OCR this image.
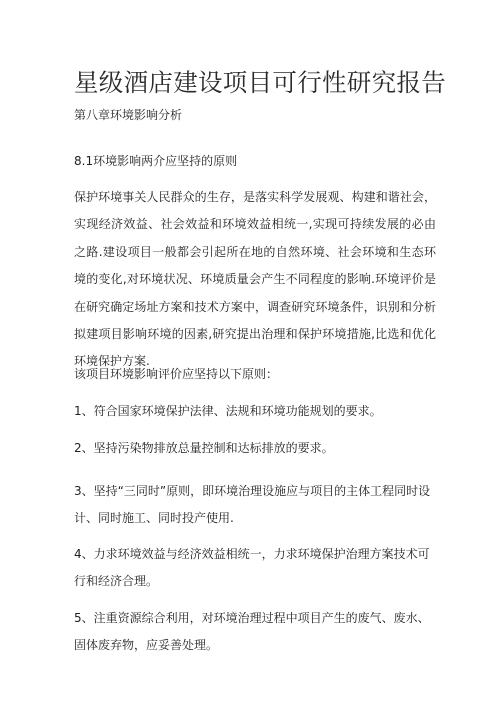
星级酒店建设项目可行性研究报告
第八章环境影响分析
8.1环境影响两介应坚持的原则
保护环境事关人民群众的生存，是落实科学发展观、构建和谐社会，实现经济效益、社会效益和环境效益相统一,实现可持续发展的必由之路.建设项目一般都会引起所在地的自然环境、社会环境和生态环境的变化,对环境状况、环境质量会产生不同程度的影响.环境评价是在研究确定场址方案和技术方案中，调查研究环境条件，识别和分析拟建项目影响环境的因素,研究提出治理和保护环境措施,比选和优化环境保护方案.
该项目环境影响评价应坚持以下原则：
1、符合国家环境保护法律、法规和环境功能规划的要求。
2、坚持污染物排放总量控制和达标排放的要求。
3、坚持“三同时”原则，即环境治理设施应与项目的主体工程同时设计、同时施工、同时投产使用.
4、力求环境效益与经济效益相统一，力求环境保护治理方案技术可行和经济合理。
5、注重资源综合利用，对环境治理过程中项目产生的废气、废水、固体废弃物，应妥善处理。
